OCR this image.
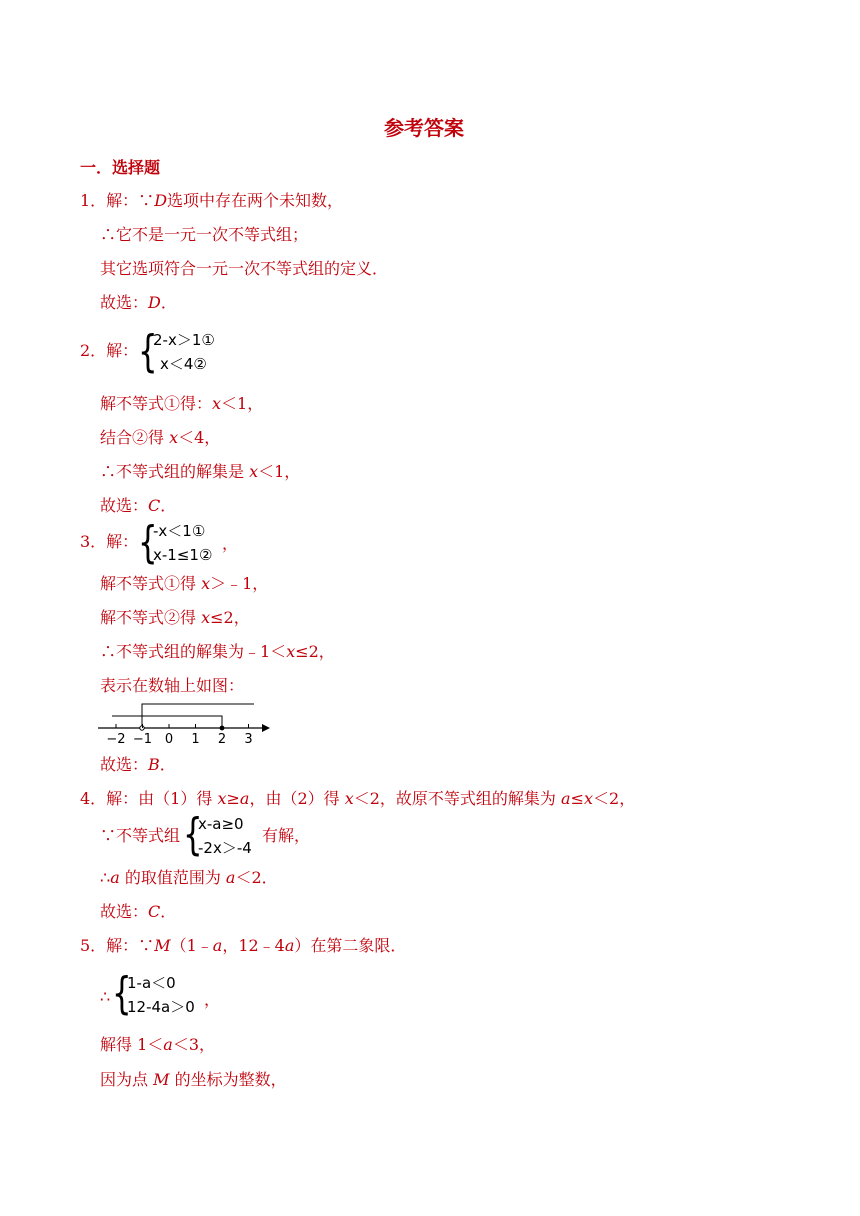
参考答案
一．选择题
1．解：∵D选项中存在两个未知数，
∴它不是一元一次不等式组；
其它选项符合一元一次不等式组的定义．
故选：D．
2．解： {
2-x＞1①
x＜4②
解不等式①得：x＜1，
结合②得 x＜4，
∴不等式组的解集是 x＜1，
故选：C．
3．解： {
-x＜1①
x-1≤1②
，
解不等式①得 x＞﹣1，
解不等式②得 x≤2，
∴不等式组的解集为﹣1＜x≤2，
表示在数轴上如图：
−2 −1 0 1 2 3
故选：B．
4．解：由（1）得 x≥a，由（2）得 x＜2，故原不等式组的解集为 a≤x＜2，
∵不等式组 {
x-a≥0
-2x＞-4
有解，
∴a 的取值范围为 a＜2．
故选：C．
5．解：∵M（1﹣a，12﹣4a）在第二象限．
∴ {
1-a＜0
12-4a＞0 ，
解得 1＜a＜3，
因为点 M 的坐标为整数，
